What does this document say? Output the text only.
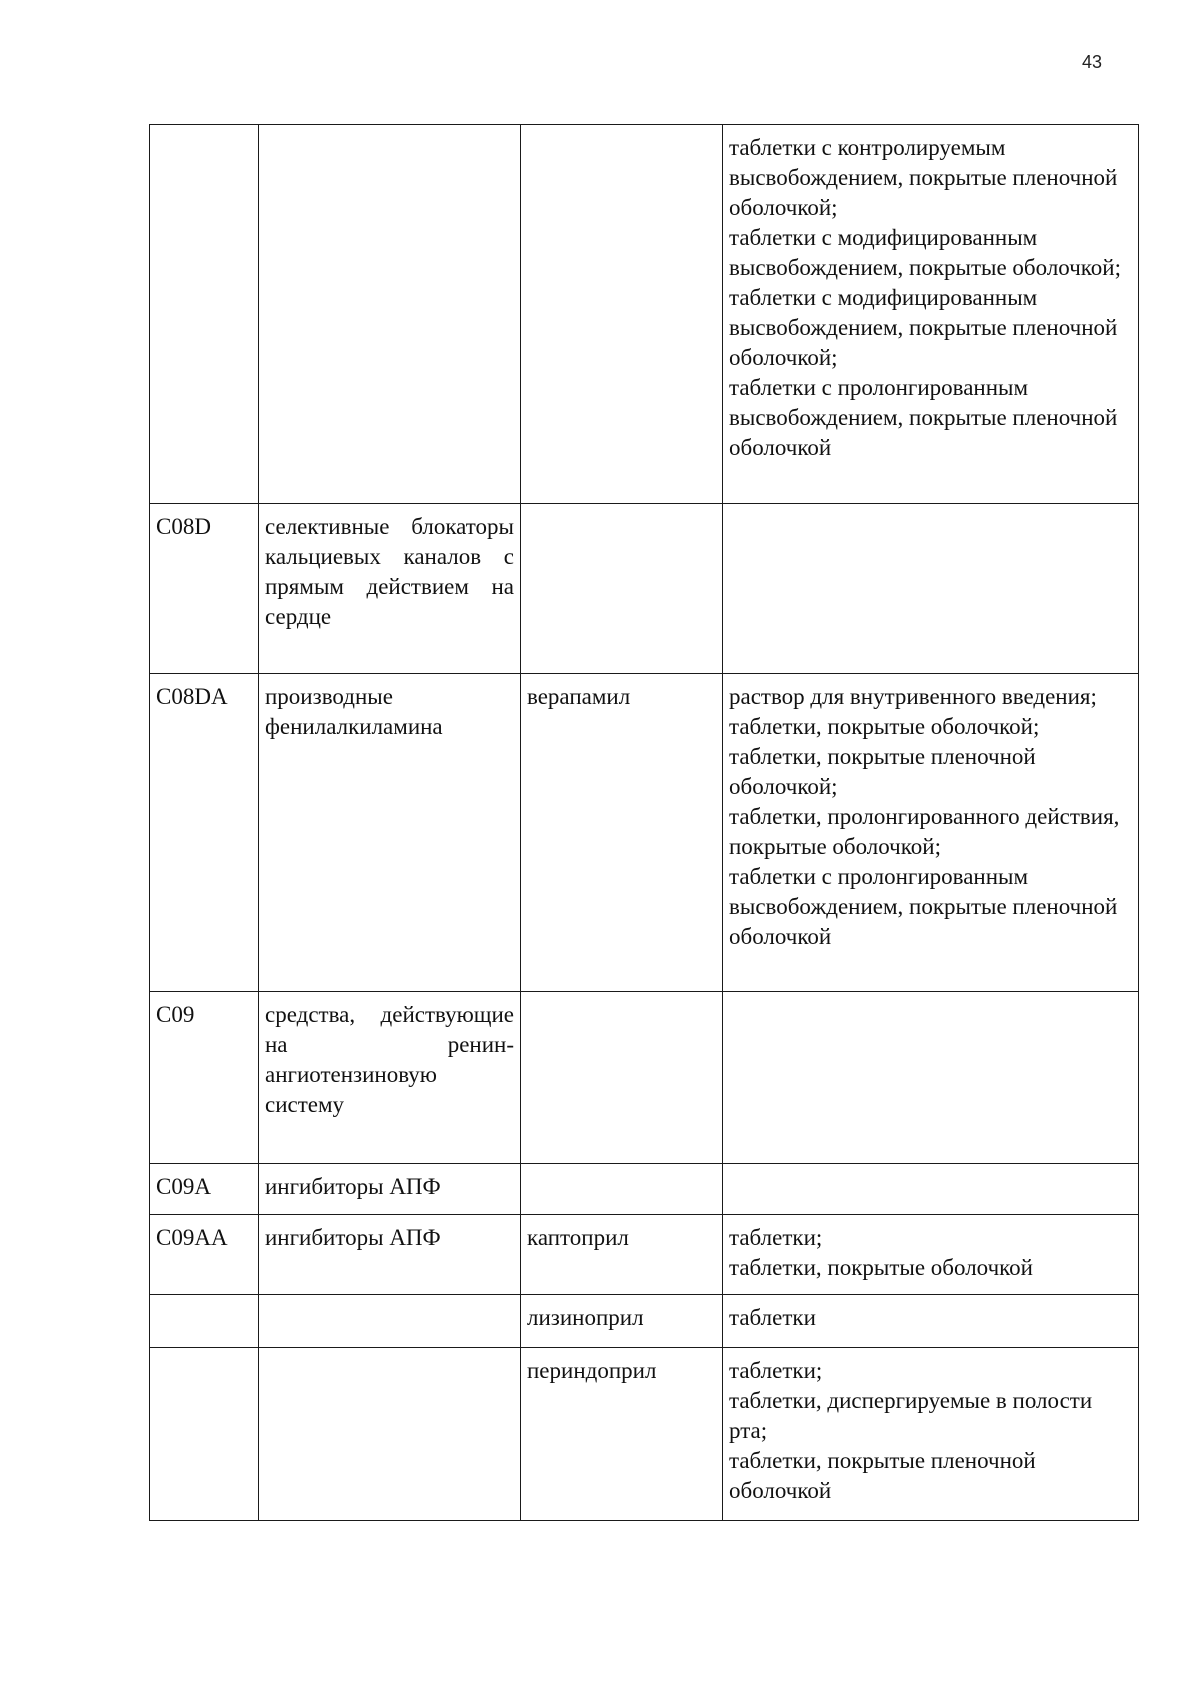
43

			таблетки с контролируемым высвобождением, покрытые пленочной оболочкой;
таблетки с модифицированным высвобождением, покрытые оболочкой;
таблетки с модифицированным высвобождением, покрытые пленочной оболочкой;
таблетки с пролонгированным высвобождением, покрытые пленочной оболочкой

C08D	селективные блокаторы кальциевых каналов с прямым действием на сердце		
C08DA	производные фенилалкиламина	верапамил	раствор для внутривенного введения;
таблетки, покрытые оболочкой;
таблетки, покрытые пленочной оболочкой;
таблетки, пролонгированного действия, покрытые оболочкой;
таблетки с пролонгированным высвобождением, покрытые пленочной оболочкой

C09	средства, действующие на ренин-ангиотензиновую систему		
C09A	ингибиторы АПФ		
C09AA	ингибиторы АПФ	каптоприл	таблетки;
таблетки, покрытые оболочкой

		лизиноприл	таблетки

		периндоприл	таблетки;
таблетки, диспергируемые в полости рта;
таблетки, покрытые пленочной оболочкой
